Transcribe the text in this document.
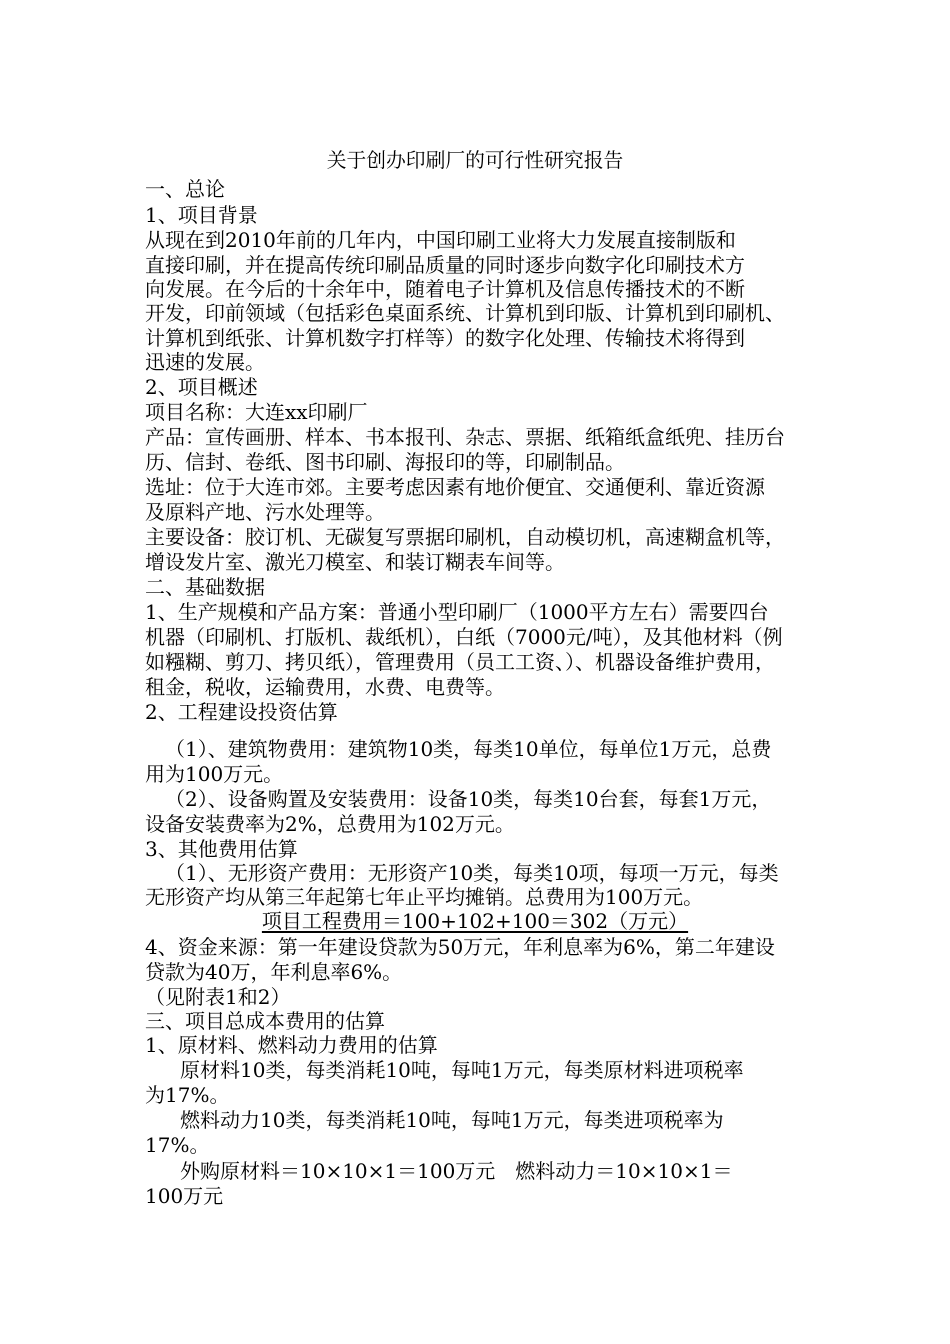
关于创办印刷厂的可行性研究报告

一、总论

1、项目背景

从现在到2010年前的几年内，中国印刷工业将大力发展直接制版和

直接印刷，并在提高传统印刷品质量的同时逐步向数字化印刷技术方

向发展。在今后的十余年中，随着电子计算机及信息传播技术的不断

开发，印前领域（包括彩色桌面系统、计算机到印版、计算机到印刷机、

计算机到纸张、计算机数字打样等）的数字化处理、传输技术将得到

迅速的发展。

2、项目概述

项目名称：大连xx印刷厂

产品：宣传画册、样本、书本报刊、杂志、票据、纸箱纸盒纸兜、挂历台

历、信封、卷纸、图书印刷、海报印的等，印刷制品。

选址：位于大连市郊。主要考虑因素有地价便宜、交通便利、靠近资源

及原料产地、污水处理等。

主要设备：胶订机、无碳复写票据印刷机，自动模切机，高速糊盒机等，

增设发片室、激光刀模室、和装订糊表车间等。

二、基础数据

1、生产规模和产品方案：普通小型印刷厂（1000平方左右）需要四台

机器（印刷机、打版机、裁纸机），白纸（7000元/吨），及其他材料（例

如糨糊、剪刀、拷贝纸），管理费用（员工工资、）、机器设备维护费用，

租金，税收，运输费用，水费、电费等。

2、工程建设投资估算

（1）、建筑物费用：建筑物10类，每类10单位，每单位1万元，总费

用为100万元。

（2）、设备购置及安装费用：设备10类，每类10台套，每套1万元，

设备安装费率为2%，总费用为102万元。

3、其他费用估算

（1）、无形资产费用：无形资产10类，每类10项，每项一万元，每类

无形资产均从第三年起第七年止平均摊销。总费用为100万元。

项目工程费用＝100+102+100＝302（万元）

4、资金来源：第一年建设贷款为50万元，年利息率为6%，第二年建设

贷款为40万，年利息率6%。

（见附表1和2）

三、项目总成本费用的估算

1、原材料、燃料动力费用的估算

原材料10类，每类消耗10吨，每吨1万元，每类原材料进项税率

为17%。

燃料动力10类，每类消耗10吨，每吨1万元，每类进项税率为

17%。

外购原材料＝10×10×1＝100万元　燃料动力＝10×10×1＝

100万元
